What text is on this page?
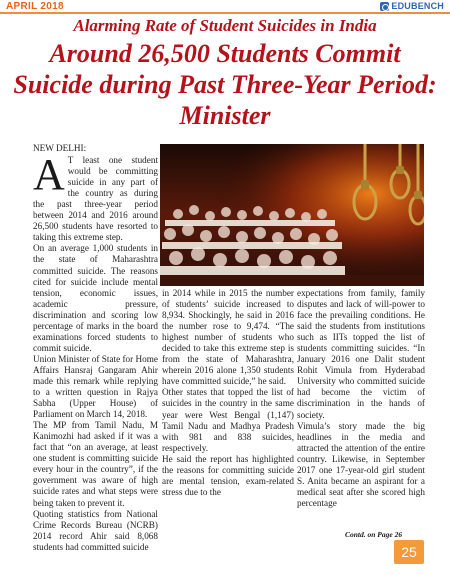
APRIL 2018	EDUBENCH
Alarming Rate of Student Suicides in India
Around 26,500 Students Commit Suicide during Past Three-Year Period: Minister

NEW DELHI:

A T least one student would be committing suicide in any part of the country as during the past three-year period between 2014 and 2016 around 26,500 students have resorted to taking this extreme step.

On an average 1,000 students in the state of Maharashtra committed suicide. The reasons cited for suicide include mental tension, economic issues, academic pressure, discrimination and scoring low percentage of marks in the board examinations forced students to commit suicide.

Union Minister of State for Home Affairs Hansraj Gangaram Ahir made this remark while replying to a written question in Rajya Sabha (Upper House) of Parliament on March 14, 2018.

The MP from Tamil Nadu, M Kanimozhi had asked if it was a fact that “on an average, at least one student is committing suicide every hour in the country”, if the government was aware of high suicide rates and what steps were being taken to prevent it.

Quoting statistics from National Crime Records Bureau (NCRB) 2014 record Ahir said 8,068 students had committed suicide

in 2014 while in 2015 the number of students’ suicide increased to 8,934. Shockingly, he said in 2016 the number rose to 9,474. “The highest number of students who decided to take this extreme step is from the state of Maharashtra, wherein 2016 alone 1,350 students have committed suicide,” he said.

Other states that topped the list of suicides in the country in the same year were West Bengal (1,147) Tamil Nadu and Madhya Pradesh with 981 and 838 suicides, respectively.

He said the report has highlighted the reasons for committing suicide are mental tension, exam-related stress due to the

expectations from family, family disputes and lack of will-power to face the prevailing conditions. He said the students from institutions such as IITs topped the list of students committing suicides. “In January 2016 one Dalit student Rohit Vimula from Hyderabad University who committed suicide had become the victim of discrimination in the hands of society.

Vimula’s story made the big headlines in the media and attracted the attention of the entire country. Likewise, in September 2017 one 17-year-old girl student S. Anita became an aspirant for a medical seat after she scored high percentage

Contd. on Page 26
25
